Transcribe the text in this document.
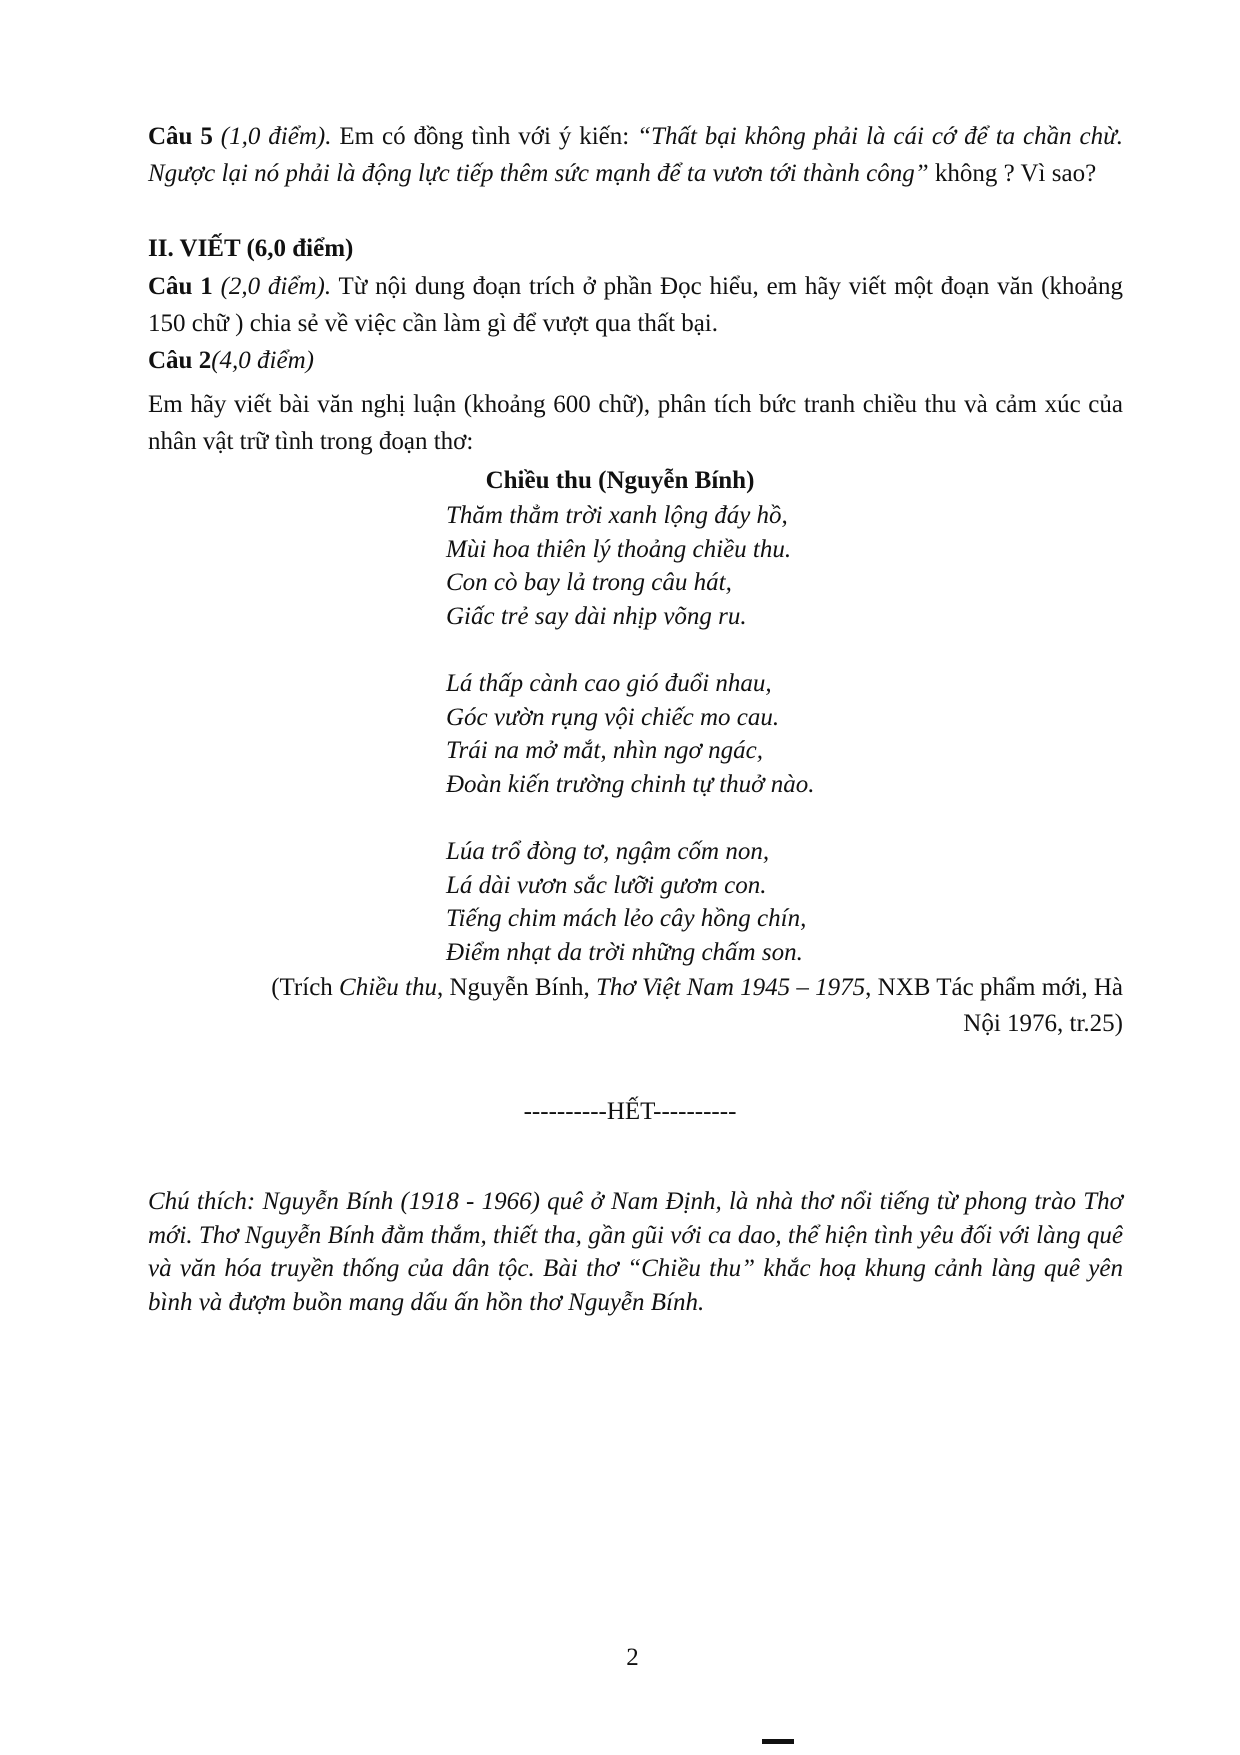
Câu 5 (1,0 điểm). Em có đồng tình với ý kiến: “Thất bại không phải là cái cớ để ta chần chừ. Ngược lại nó phải là động lực tiếp thêm sức mạnh để ta vươn tới thành công” không ? Vì sao?
II. VIẾT (6,0 điểm)
Câu 1 (2,0 điểm). Từ nội dung đoạn trích ở phần Đọc hiểu, em hãy viết một đoạn văn (khoảng 150 chữ ) chia sẻ về việc cần làm gì để vượt qua thất bại.
Câu 2(4,0 điểm)
Em hãy viết bài văn nghị luận (khoảng 600 chữ), phân tích bức tranh chiều thu và cảm xúc của nhân vật trữ tình trong đoạn thơ:
Chiều thu (Nguyễn Bính)
Thăm thẳm trời xanh lộng đáy hồ,
Mùi hoa thiên lý thoảng chiều thu.
Con cò bay lả trong câu hát,
Giấc trẻ say dài nhịp võng ru.
Lá thấp cành cao gió đuổi nhau,
Góc vườn rụng vội chiếc mo cau.
Trái na mở mắt, nhìn ngơ ngác,
Đoàn kiến trường chinh tự thuở nào.
Lúa trổ đòng tơ, ngậm cốm non,
Lá dài vươn sắc lưỡi gươm con.
Tiếng chim mách lẻo cây hồng chín,
Điểm nhạt da trời những chấm son.
(Trích Chiều thu, Nguyễn Bính, Thơ Việt Nam 1945 – 1975, NXB Tác phẩm mới, Hà
Nội 1976, tr.25)
----------HẾT----------
Chú thích: Nguyễn Bính (1918 - 1966) quê ở Nam Định, là nhà thơ nổi tiếng từ phong trào Thơ mới. Thơ Nguyễn Bính đằm thắm, thiết tha, gần gũi với ca dao, thể hiện tình yêu đối với làng quê và văn hóa truyền thống của dân tộc. Bài thơ “Chiều thu” khắc hoạ khung cảnh làng quê yên bình và đượm buồn mang dấu ấn hồn thơ Nguyễn Bính.
2
